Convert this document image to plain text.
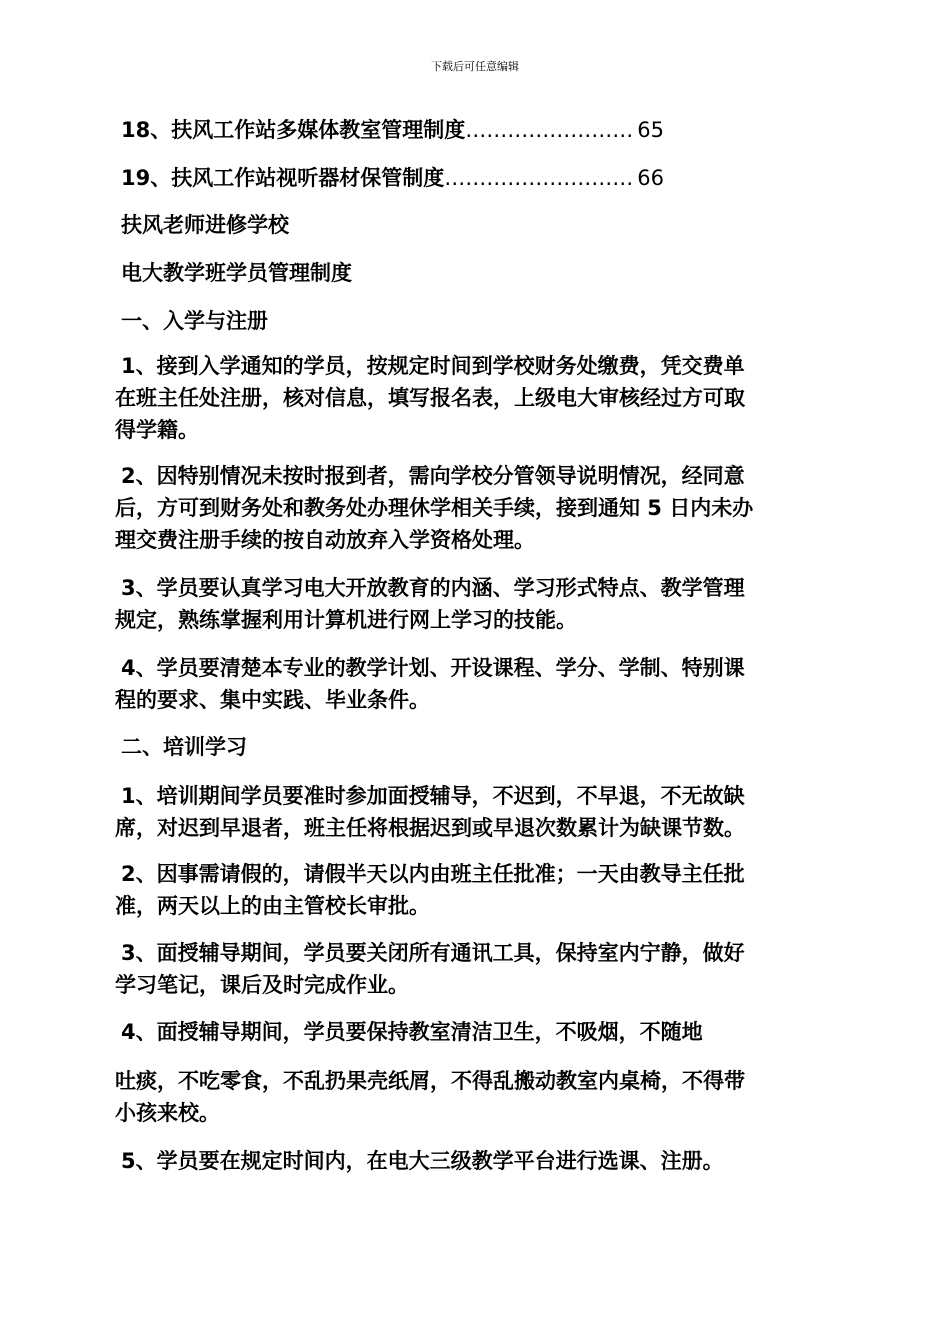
下载后可任意编辑
18、扶风工作站多媒体教室管理制度…………………… 65
19、扶风工作站视听器材保管制度……………………… 66
扶风老师进修学校
电大教学班学员管理制度
一、入学与注册
1、接到入学通知的学员，按规定时间到学校财务处缴费，凭交费单
在班主任处注册，核对信息，填写报名表，上级电大审核经过方可取
得学籍。
2、因特别情况未按时报到者，需向学校分管领导说明情况，经同意
后，方可到财务处和教务处办理休学相关手续，接到通知 5 日内未办
理交费注册手续的按自动放弃入学资格处理。
3、学员要认真学习电大开放教育的内涵、学习形式特点、教学管理
规定，熟练掌握利用计算机进行网上学习的技能。
4、学员要清楚本专业的教学计划、开设课程、学分、学制、特别课
程的要求、集中实践、毕业条件。
二、培训学习
1、培训期间学员要准时参加面授辅导，不迟到，不早退，不无故缺
席，对迟到早退者，班主任将根据迟到或早退次数累计为缺课节数。
2、因事需请假的，请假半天以内由班主任批准；一天由教导主任批
准，两天以上的由主管校长审批。
3、面授辅导期间，学员要关闭所有通讯工具，保持室内宁静，做好
学习笔记，课后及时完成作业。
4、面授辅导期间，学员要保持教室清洁卫生，不吸烟，不随地
吐痰，不吃零食，不乱扔果壳纸屑，不得乱搬动教室内桌椅，不得带
小孩来校。
5、学员要在规定时间内，在电大三级教学平台进行选课、注册。
